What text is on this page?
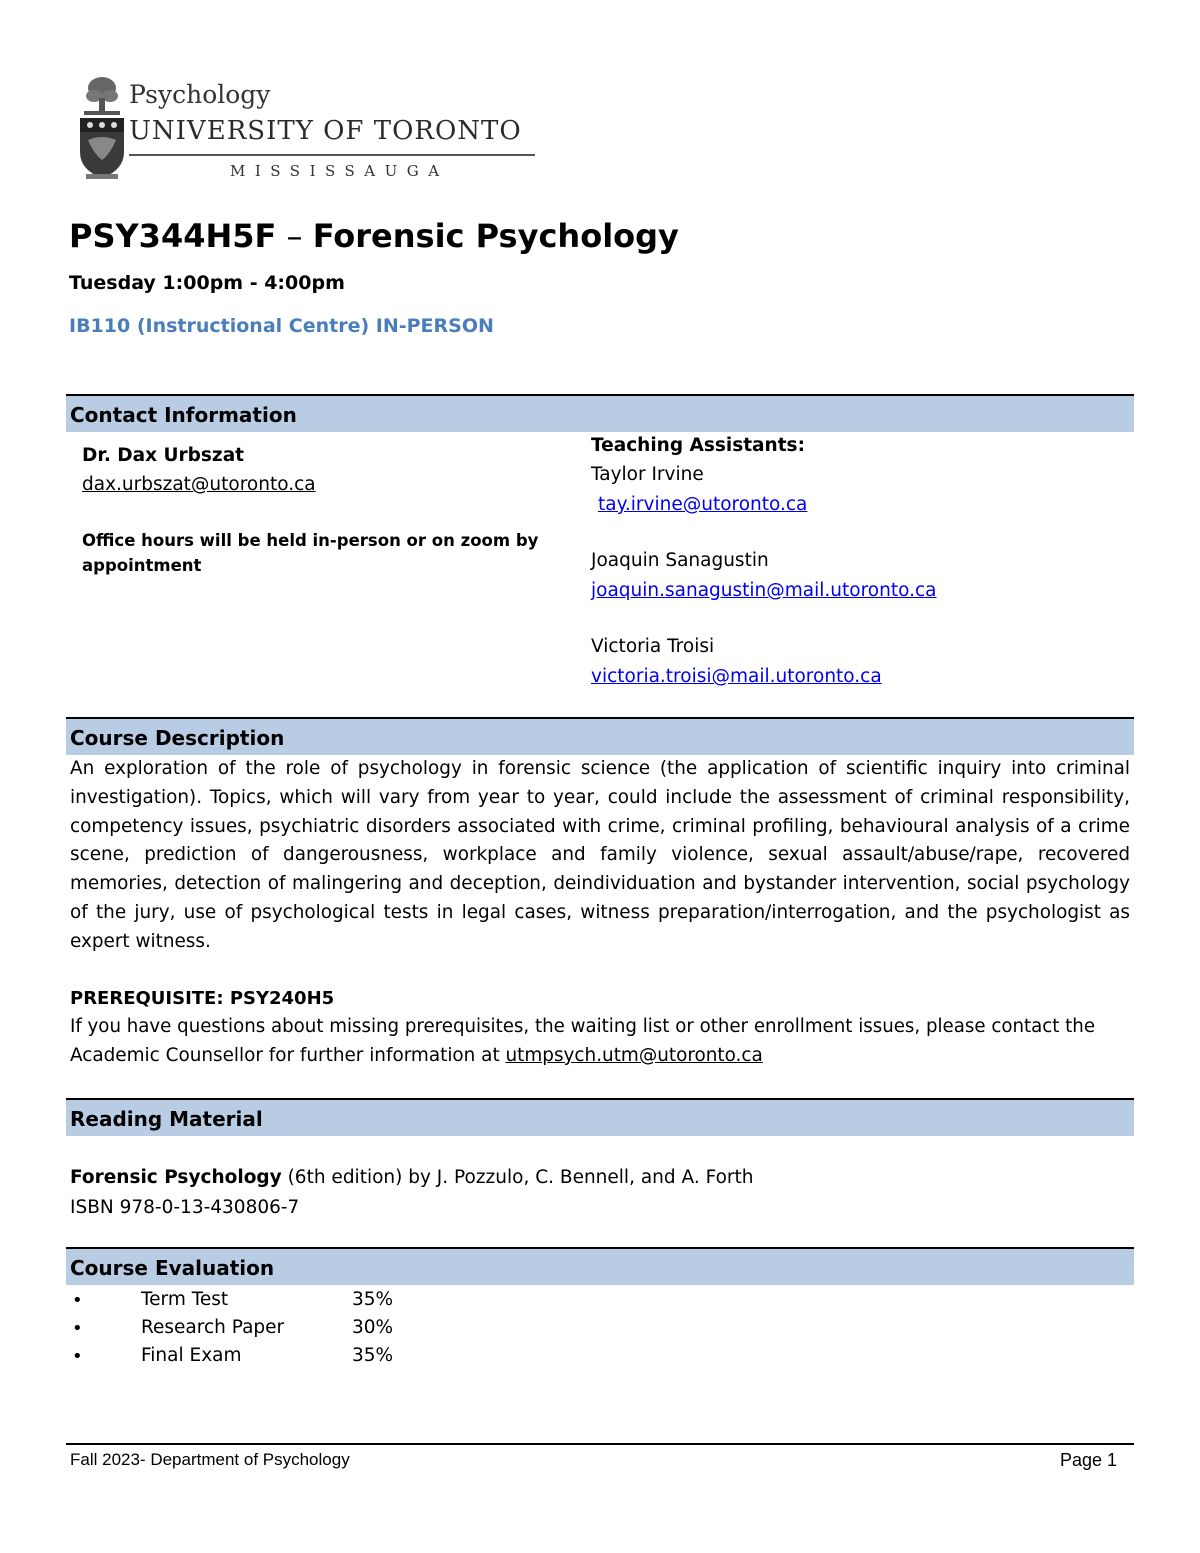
Psychology
UNIVERSITY OF TORONTO
MISSISSAUGA
PSY344H5F – Forensic Psychology
Tuesday 1:00pm - 4:00pm
IB110 (Instructional Centre) IN-PERSON
Contact Information
Dr. Dax Urbszat
dax.urbszat@utoronto.ca
Office hours will be held in-person or on zoom by
appointment
Teaching Assistants:
Taylor Irvine
tay.irvine@utoronto.ca
Joaquin Sanagustin
joaquin.sanagustin@mail.utoronto.ca
Victoria Troisi
victoria.troisi@mail.utoronto.ca
Course Description

An exploration of the role of psychology in forensic science (the application of scientific inquiry into criminal investigation). Topics, which will vary from year to year, could include the assessment of criminal responsibility, competency issues, psychiatric disorders associated with crime, criminal profiling, behavioural analysis of a crime scene, prediction of dangerousness, workplace and family violence, sexual assault/abuse/rape, recovered memories, detection of malingering and deception, deindividuation and bystander intervention, social psychology of the jury, use of psychological tests in legal cases, witness preparation/interrogation, and the psychologist as expert witness.

PREREQUISITE: PSY240H5
If you have questions about missing prerequisites, the waiting list or other enrollment issues, please contact the
Academic Counsellor for further information at utmpsych.utm@utoronto.ca
Reading Material
Forensic Psychology (6th edition) by J. Pozzulo, C. Bennell, and A. Forth
ISBN 978-0-13-430806-7
Course Evaluation
•	Term Test	35%
•	Research Paper	30%
•	Final Exam	35%
Fall 2023- Department of Psychology	Page 1
